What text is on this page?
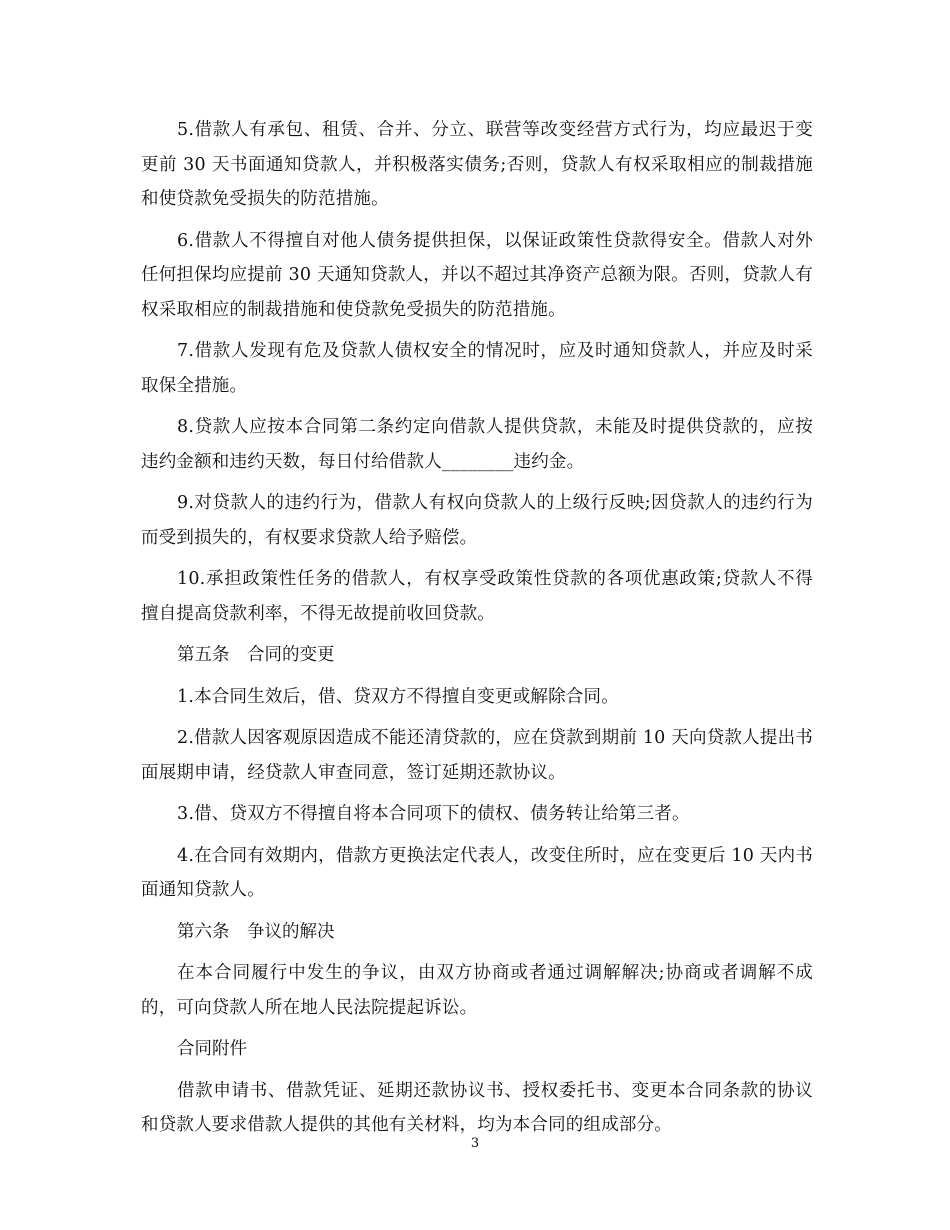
5.借款人有承包、租赁、合并、分立、联营等改变经营方式行为，均应最迟于变更前 30 天书面通知贷款人，并积极落实债务;否则，贷款人有权采取相应的制裁措施和使贷款免受损失的防范措施。

6.借款人不得擅自对他人债务提供担保，以保证政策性贷款得安全。借款人对外任何担保均应提前 30 天通知贷款人，并以不超过其净资产总额为限。否则，贷款人有权采取相应的制裁措施和使贷款免受损失的防范措施。

7.借款人发现有危及贷款人债权安全的情况时，应及时通知贷款人，并应及时采取保全措施。

8.贷款人应按本合同第二条约定向借款人提供贷款，未能及时提供贷款的，应按违约金额和违约天数，每日付给借款人________违约金。

9.对贷款人的违约行为，借款人有权向贷款人的上级行反映;因贷款人的违约行为而受到损失的，有权要求贷款人给予赔偿。

10.承担政策性任务的借款人，有权享受政策性贷款的各项优惠政策;贷款人不得擅自提高贷款利率，不得无故提前收回贷款。

第五条　合同的变更

1.本合同生效后，借、贷双方不得擅自变更或解除合同。

2.借款人因客观原因造成不能还清贷款的，应在贷款到期前 10 天向贷款人提出书面展期申请，经贷款人审查同意，签订延期还款协议。

3.借、贷双方不得擅自将本合同项下的债权、债务转让给第三者。

4.在合同有效期内，借款方更换法定代表人，改变住所时，应在变更后 10 天内书面通知贷款人。

第六条　争议的解决

在本合同履行中发生的争议，由双方协商或者通过调解解决;协商或者调解不成的，可向贷款人所在地人民法院提起诉讼。

合同附件

借款申请书、借款凭证、延期还款协议书、授权委托书、变更本合同条款的协议和贷款人要求借款人提供的其他有关材料，均为本合同的组成部分。

3
